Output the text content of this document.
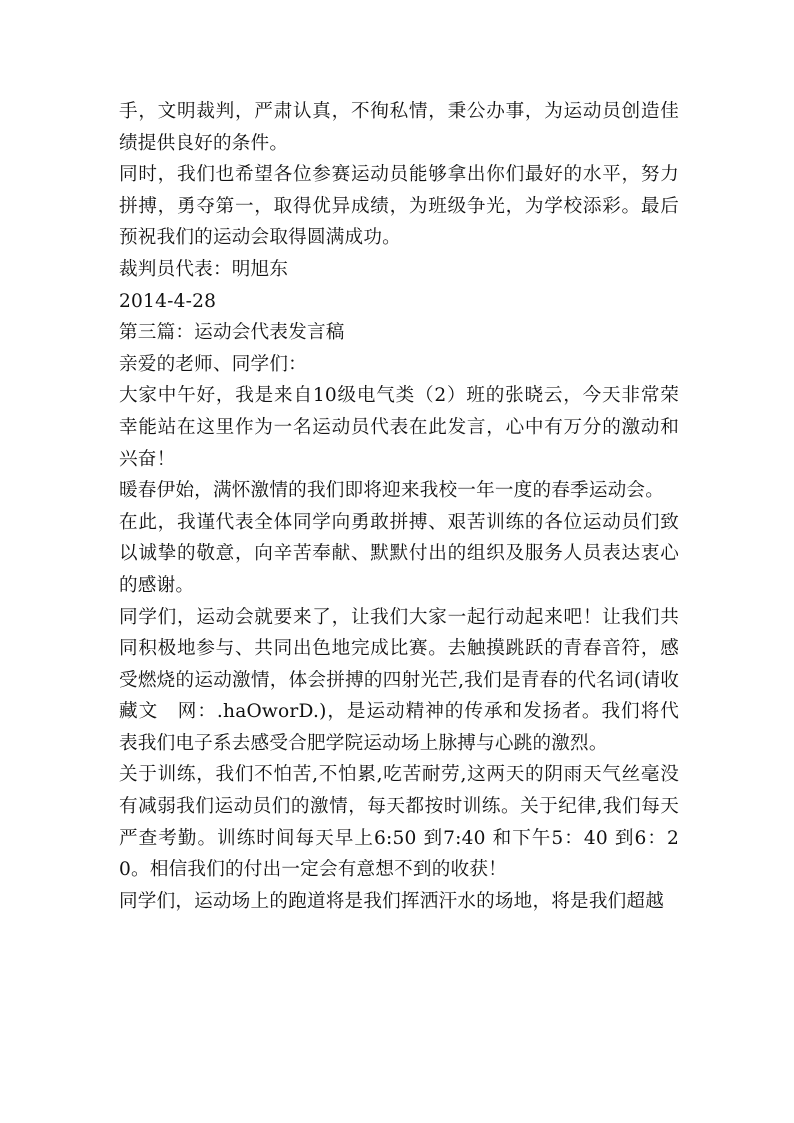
手，文明裁判，严肃认真，不徇私情，秉公办事，为运动员创造佳绩提供良好的条件。

同时，我们也希望各位参赛运动员能够拿出你们最好的水平，努力拼搏，勇夺第一，取得优异成绩，为班级争光，为学校添彩。最后预祝我们的运动会取得圆满成功。

裁判员代表：明旭东

2014-4-28

第三篇：运动会代表发言稿

亲爱的老师、同学们：

大家中午好，我是来自10级电气类（2）班的张晓云，今天非常荣幸能站在这里作为一名运动员代表在此发言，心中有万分的激动和兴奋！

暖春伊始，满怀激情的我们即将迎来我校一年一度的春季运动会。

在此，我谨代表全体同学向勇敢拼搏、艰苦训练的各位运动员们致以诚挚的敬意，向辛苦奉献、默默付出的组织及服务人员表达衷心的感谢。

同学们，运动会就要来了，让我们大家一起行动起来吧！让我们共同积极地参与、共同出色地完成比赛。去触摸跳跃的青春音符，感受燃烧的运动激情，体会拼搏的四射光芒,我们是青春的代名词(请收藏文　网：.haOworD.)，是运动精神的传承和发扬者。我们将代表我们电子系去感受合肥学院运动场上脉搏与心跳的激烈。

关于训练，我们不怕苦,不怕累,吃苦耐劳,这两天的阴雨天气丝毫没有减弱我们运动员们的激情，每天都按时训练。关于纪律,我们每天严查考勤。训练时间每天早上6:50 到7:40 和下午5：40 到6：20。相信我们的付出一定会有意想不到的收获！

同学们，运动场上的跑道将是我们挥洒汗水的场地，将是我们超越
